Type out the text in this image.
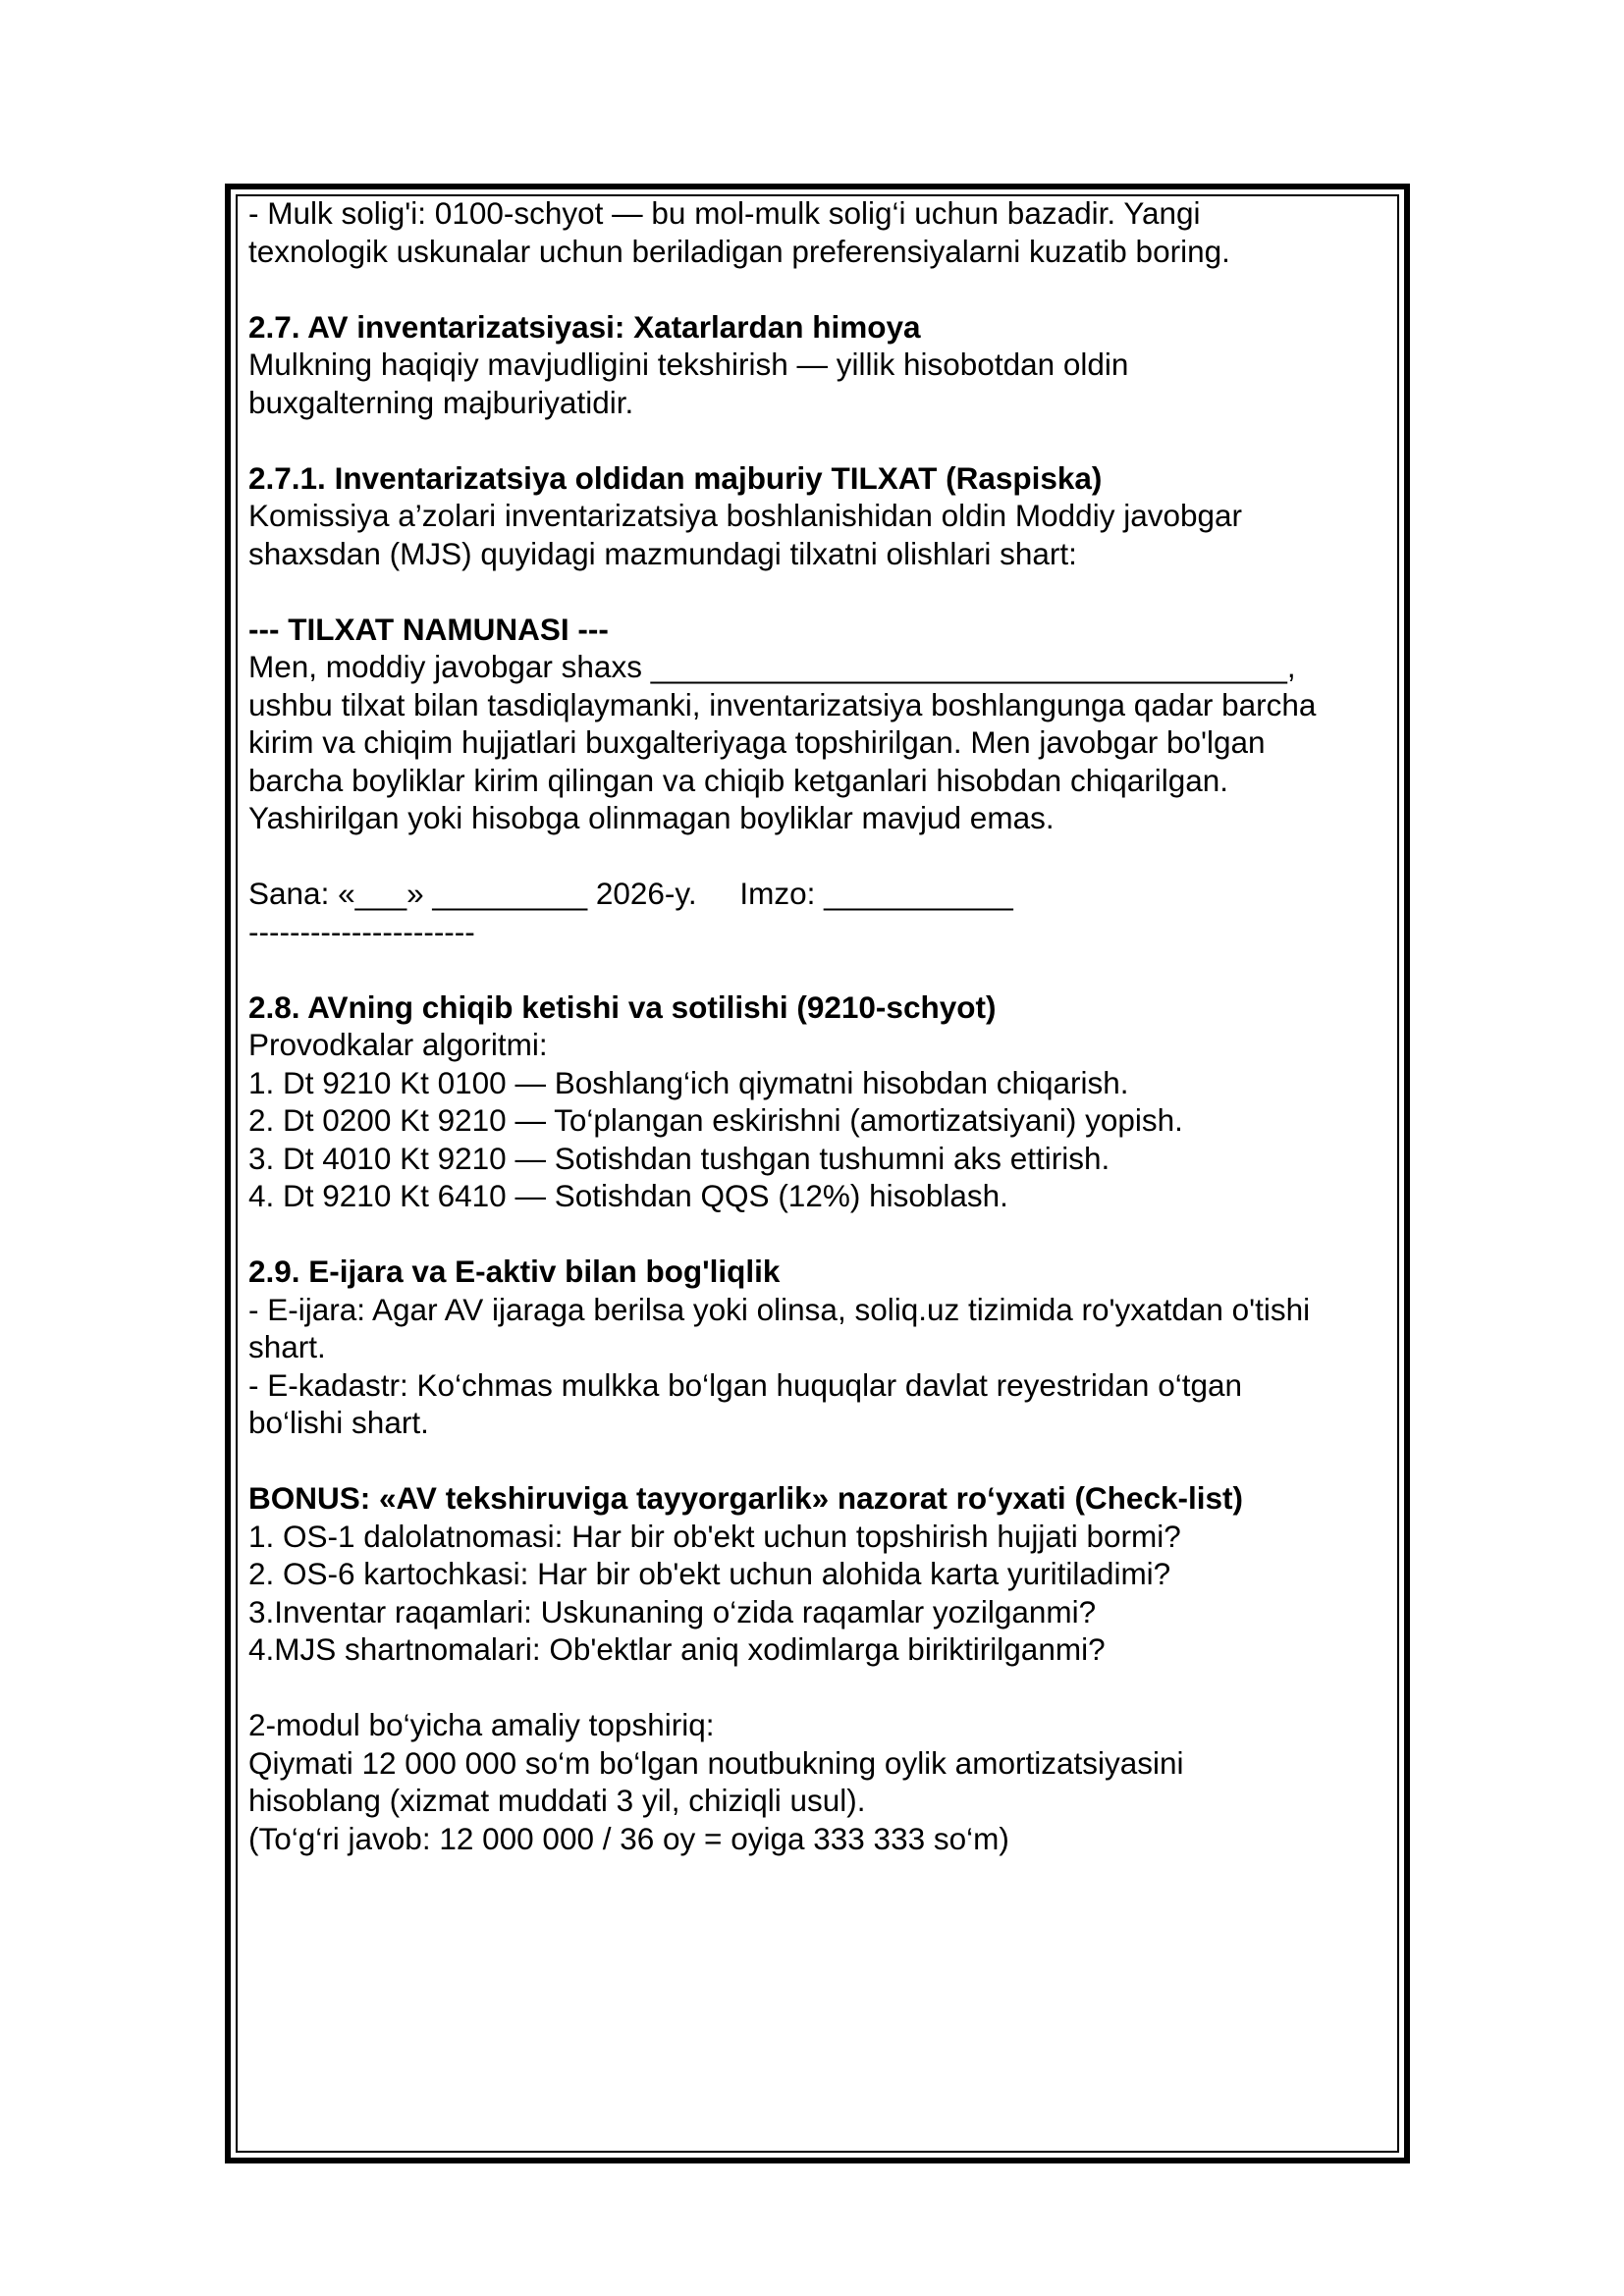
- Mulk solig'i: 0100-schyot — bu mol-mulk solig‘i uchun bazadir. Yangi

texnologik uskunalar uchun beriladigan preferensiyalarni kuzatib boring.

2.7. AV inventarizatsiyasi: Xatarlardan himoya

Mulkning haqiqiy mavjudligini tekshirish — yillik hisobotdan oldin

buxgalterning majburiyatidir.

2.7.1. Inventarizatsiya oldidan majburiy TILXAT (Raspiska)

Komissiya a’zolari inventarizatsiya boshlanishidan oldin Moddiy javobgar

shaxsdan (MJS) quyidagi mazmundagi tilxatni olishlari shart:

--- TILXAT NAMUNASI ---

Men, moddiy javobgar shaxs _____________________________________,

ushbu tilxat bilan tasdiqlaymanki, inventarizatsiya boshlangunga qadar barcha

kirim va chiqim hujjatlari buxgalteriyaga topshirilgan. Men javobgar bo'lgan

barcha boyliklar kirim qilingan va chiqib ketganlari hisobdan chiqarilgan.

Yashirilgan yoki hisobga olinmagan boyliklar mavjud emas.

Sana: «___» _________ 2026-y.     Imzo: ___________

----------------------

2.8. AVning chiqib ketishi va sotilishi (9210-schyot)

Provodkalar algoritmi:

1. Dt 9210 Kt 0100 — Boshlang‘ich qiymatni hisobdan chiqarish.

2. Dt 0200 Kt 9210 — To‘plangan eskirishni (amortizatsiyani) yopish.

3. Dt 4010 Kt 9210 — Sotishdan tushgan tushumni aks ettirish.

4. Dt 9210 Kt 6410 — Sotishdan QQS (12%) hisoblash.

2.9. E-ijara va E-aktiv bilan bog'liqlik

- E-ijara: Agar AV ijaraga berilsa yoki olinsa, soliq.uz tizimida ro'yxatdan o'tishi

shart.

- E-kadastr: Ko‘chmas mulkka bo‘lgan huquqlar davlat reyestridan o‘tgan

bo‘lishi shart.

BONUS: «AV tekshiruviga tayyorgarlik» nazorat ro‘yxati (Check-list)

1. OS-1 dalolatnomasi: Har bir ob'ekt uchun topshirish hujjati bormi?

2. OS-6 kartochkasi: Har bir ob'ekt uchun alohida karta yuritiladimi?

3.Inventar raqamlari: Uskunaning o‘zida raqamlar yozilganmi?

4.MJS shartnomalari: Ob'ektlar aniq xodimlarga biriktirilganmi?

2-modul bo‘yicha amaliy topshiriq:

Qiymati 12 000 000 so‘m bo‘lgan noutbukning oylik amortizatsiyasini

hisoblang (xizmat muddati 3 yil, chiziqli usul).

(To‘g‘ri javob: 12 000 000 / 36 oy = oyiga 333 333 so‘m)
